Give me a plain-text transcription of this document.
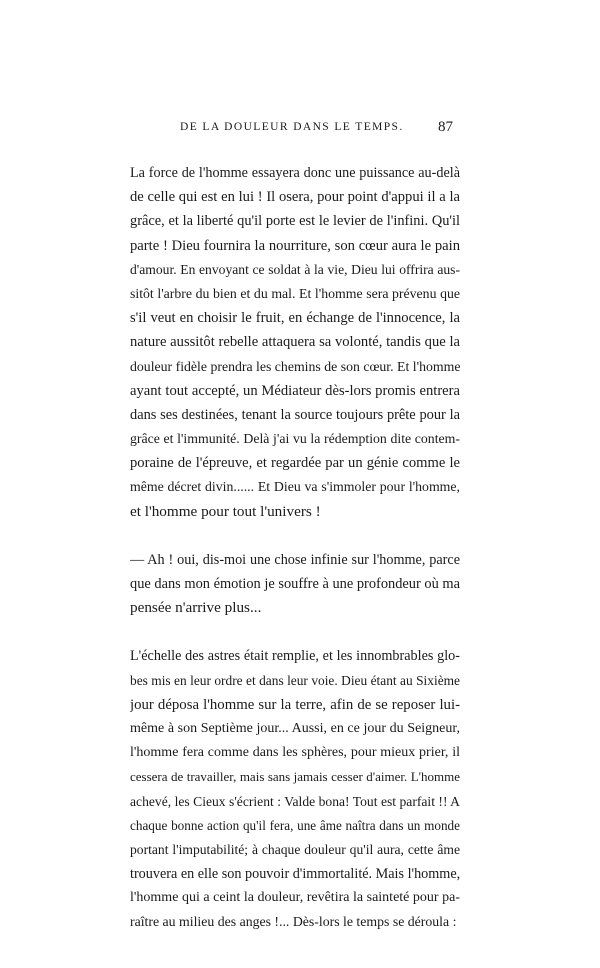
DE LA DOULEUR DANS LE TEMPS. 87
La force de l'homme essayera donc une puissance au-delà
de celle qui est en lui ! Il osera, pour point d'appui il a la
grâce, et la liberté qu'il porte est le levier de l'infini. Qu'il
parte ! Dieu fournira la nourriture, son cœur aura le pain
d'amour. En envoyant ce soldat à la vie, Dieu lui offrira aus-
sitôt l'arbre du bien et du mal. Et l'homme sera prévenu que
s'il veut en choisir le fruit, en échange de l'innocence, la
nature aussitôt rebelle attaquera sa volonté, tandis que la
douleur fidèle prendra les chemins de son cœur. Et l'homme
ayant tout accepté, un Médiateur dès-lors promis entrera
dans ses destinées, tenant la source toujours prête pour la
grâce et l'immunité. Delà j'ai vu la rédemption dite contem-
poraine de l'épreuve, et regardée par un génie comme le
même décret divin...... Et Dieu va s'immoler pour l'homme,
et l'homme pour tout l'univers !
— Ah ! oui, dis-moi une chose infinie sur l'homme, parce
que dans mon émotion je souffre à une profondeur où ma
pensée n'arrive plus...
L'échelle des astres était remplie, et les innombrables glo-
bes mis en leur ordre et dans leur voie. Dieu étant au Sixième
jour déposa l'homme sur la terre, afin de se reposer lui-
même à son Septième jour... Aussi, en ce jour du Seigneur,
l'homme fera comme dans les sphères, pour mieux prier, il
cessera de travailler, mais sans jamais cesser d'aimer. L'homme
achevé, les Cieux s'écrient : Valde bona! Tout est parfait !! A
chaque bonne action qu'il fera, une âme naîtra dans un monde
portant l'imputabilité; à chaque douleur qu'il aura, cette âme
trouvera en elle son pouvoir d'immortalité. Mais l'homme,
l'homme qui a ceint la douleur, revêtira la sainteté pour pa-
raître au milieu des anges !... Dès-lors le temps se déroula :
